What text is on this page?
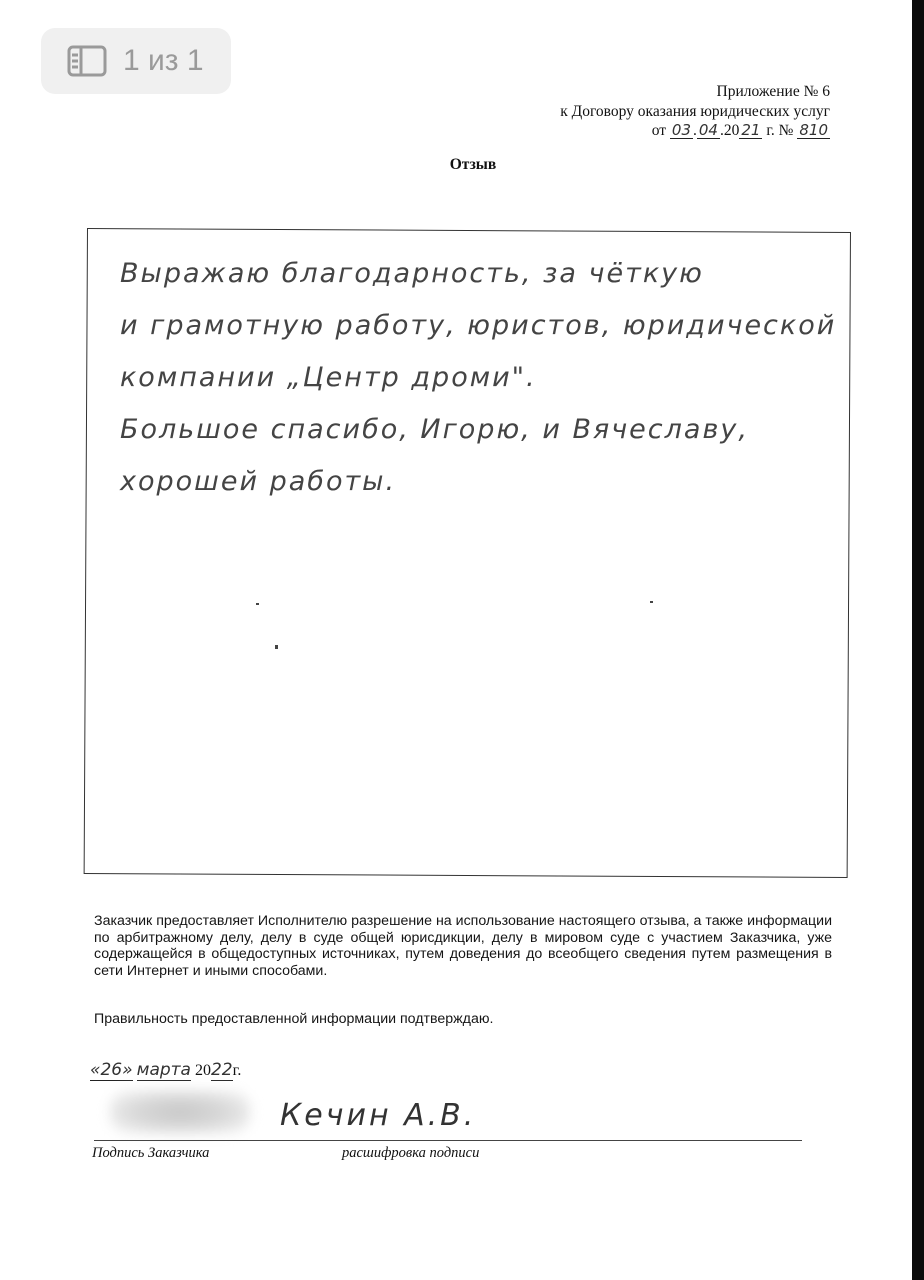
1 из 1
Приложение № 6
к Договору оказания юридических услуг
от 03 . 04 .20 21 г. № 810
Отзыв
Выражаю благодарность, за чёткую
и грамотную работу, юристов, юридической
компании „Центр дроми".
Большое спасибо, Игорю, и Вячеславу,
хорошей работы.
Заказчик предоставляет Исполнителю разрешение на использование настоящего отзыва, а также информации по арбитражному делу, делу в суде общей юрисдикции, делу в мировом суде с участием Заказчика, уже содержащейся в общедоступных источниках, путем доведения до всеобщего сведения путем размещения в сети Интернет и иными способами.
Правильность предоставленной информации подтверждаю.
«26» марта 2022г.
Кечин А.В.
Подпись Заказчика	расшифровка подписи
